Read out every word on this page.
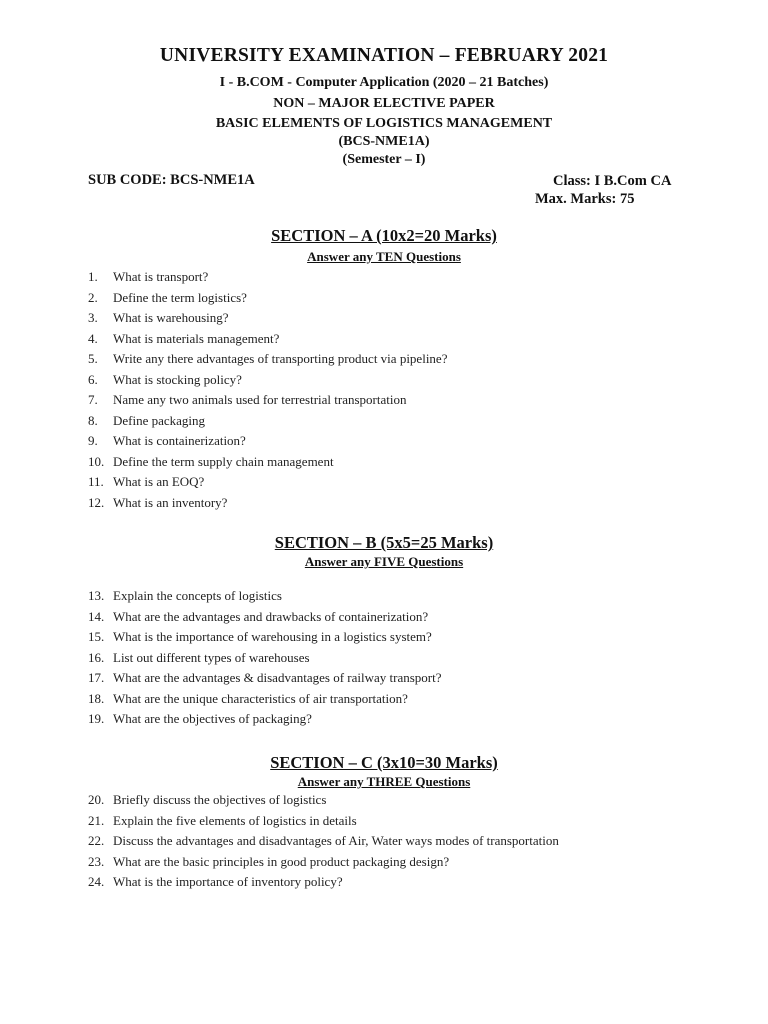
UNIVERSITY EXAMINATION – FEBRUARY 2021
I - B.COM - Computer Application (2020 – 21 Batches)
NON – MAJOR ELECTIVE PAPER
BASIC ELEMENTS OF LOGISTICS MANAGEMENT
(BCS-NME1A)
(Semester – I)
SUB CODE: BCS-NME1A	Class: I B.Com CA
Max. Marks: 75
SECTION – A (10x2=20 Marks)
Answer any TEN Questions
1.	What is transport?
2.	Define the term logistics?
3.	What is warehousing?
4.	What is materials management?
5.	Write any there advantages of transporting product via pipeline?
6.	What is stocking policy?
7.	Name any two animals used for terrestrial transportation
8.	Define packaging
9.	What is containerization?
10. Define the term supply chain management
11. What is an EOQ?
12. What is an inventory?
SECTION – B (5x5=25 Marks)
Answer any FIVE Questions
13. Explain the concepts of logistics
14. What are the advantages and drawbacks of containerization?
15. What is the importance of warehousing in a logistics system?
16. List out different types of warehouses
17. What are the advantages & disadvantages of railway transport?
18. What are the unique characteristics of air transportation?
19. What are the objectives of packaging?
SECTION – C (3x10=30 Marks)
Answer any THREE Questions
20. Briefly discuss the objectives of logistics
21. Explain the five elements of logistics in details
22. Discuss the advantages and disadvantages of Air, Water ways modes of transportation
23. What are the basic principles in good product packaging design?
24. What is the importance of inventory policy?
